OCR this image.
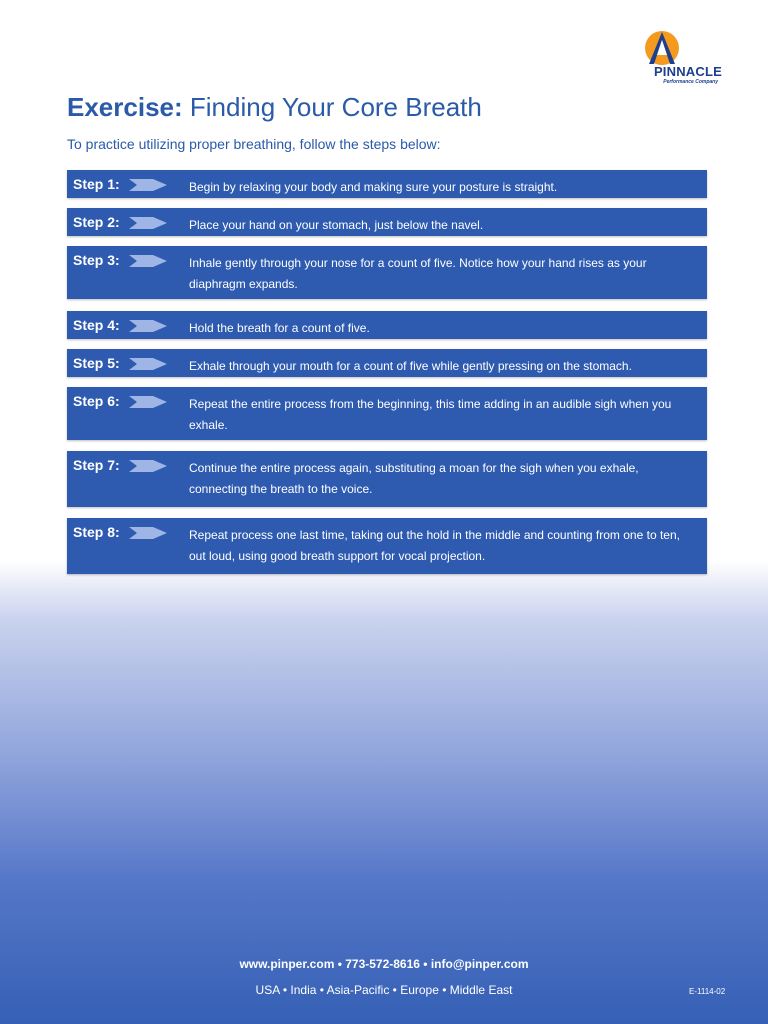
PINNACLE
Performance Company
Exercise: Finding Your Core Breath

To practice utilizing proper breathing, follow the steps below:

Step 1:	Begin by relaxing your body and making sure your posture is straight.
Step 2:	Place your hand on your stomach, just below the navel.
Step 3:	Inhale gently through your nose for a count of five. Notice how your hand rises as your diaphragm expands.
Step 4:	Hold the breath for a count of five.
Step 5:	Exhale through your mouth for a count of five while gently pressing on the stomach.
Step 6:	Repeat the entire process from the beginning, this time adding in an audible sigh when you exhale.
Step 7:	Continue the entire process again, substituting a moan for the sigh when you exhale, connecting the breath to the voice.
Step 8:	Repeat process one last time, taking out the hold in the middle and counting from one to ten, out loud, using good breath support for vocal projection.
www.pinper.com • 773-572-8616 • info@pinper.com
USA • India • Asia-Pacific • Europe • Middle East	E-1114-02
